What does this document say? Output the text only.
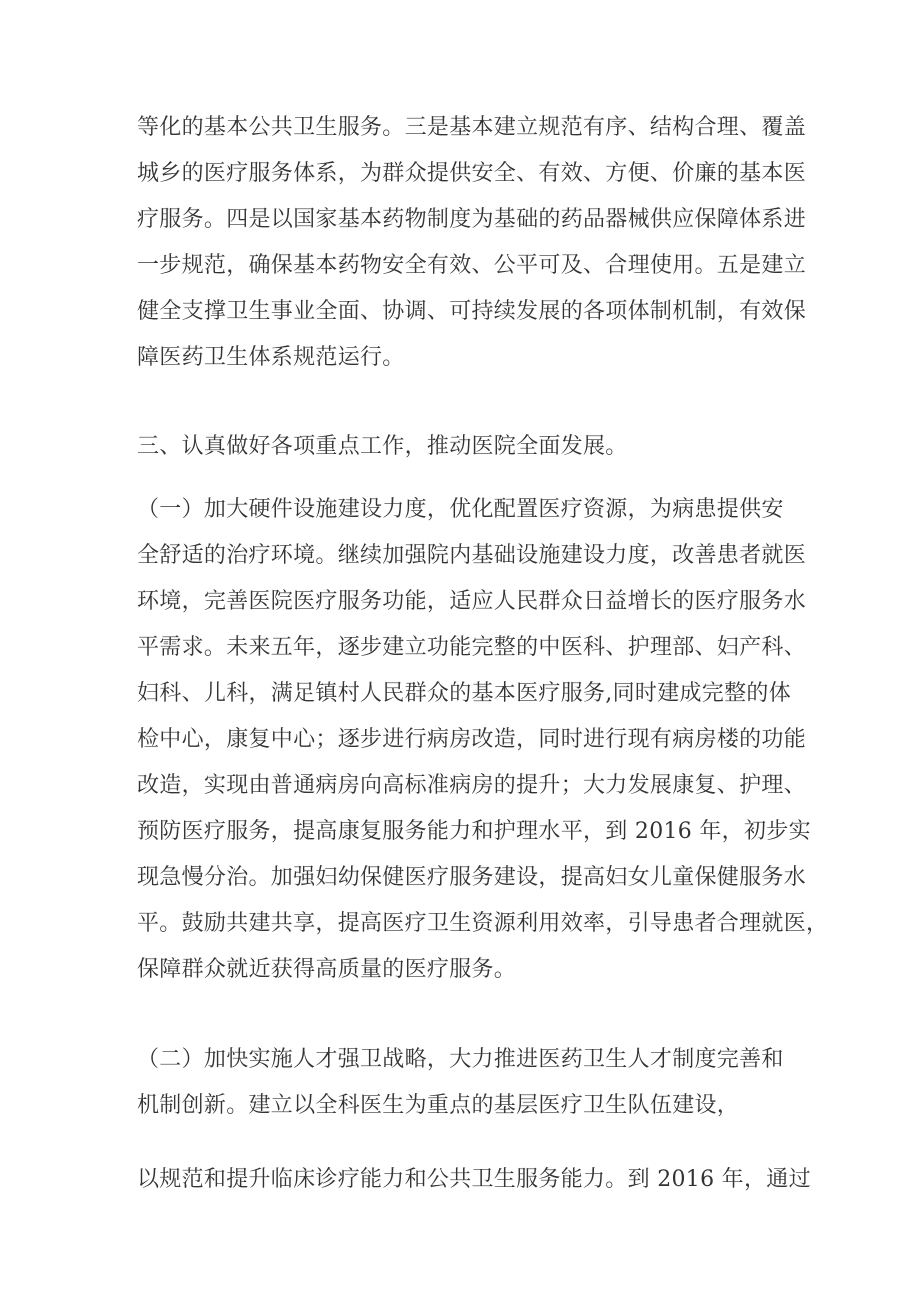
等化的基本公共卫生服务。三是基本建立规范有序、结构合理、覆盖
城乡的医疗服务体系，为群众提供安全、有效、方便、价廉的基本医
疗服务。四是以国家基本药物制度为基础的药品器械供应保障体系进
一步规范，确保基本药物安全有效、公平可及、合理使用。五是建立
健全支撑卫生事业全面、协调、可持续发展的各项体制机制，有效保
障医药卫生体系规范运行。
三、认真做好各项重点工作，推动医院全面发展。
（一）加大硬件设施建设力度，优化配置医疗资源，为病患提供安
全舒适的治疗环境。继续加强院内基础设施建设力度，改善患者就医
环境，完善医院医疗服务功能，适应人民群众日益增长的医疗服务水
平需求。未来五年，逐步建立功能完整的中医科、护理部、妇产科、
妇科、儿科，满足镇村人民群众的基本医疗服务,同时建成完整的体
检中心，康复中心；逐步进行病房改造，同时进行现有病房楼的功能
改造，实现由普通病房向高标准病房的提升；大力发展康复、护理、
预防医疗服务，提高康复服务能力和护理水平，到 2016 年，初步实
现急慢分治。加强妇幼保健医疗服务建设，提高妇女儿童保健服务水
平。鼓励共建共享，提高医疗卫生资源利用效率，引导患者合理就医，
保障群众就近获得高质量的医疗服务。
（二）加快实施人才强卫战略，大力推进医药卫生人才制度完善和
机制创新。建立以全科医生为重点的基层医疗卫生队伍建设，
以规范和提升临床诊疗能力和公共卫生服务能力。到 2016 年，通过
